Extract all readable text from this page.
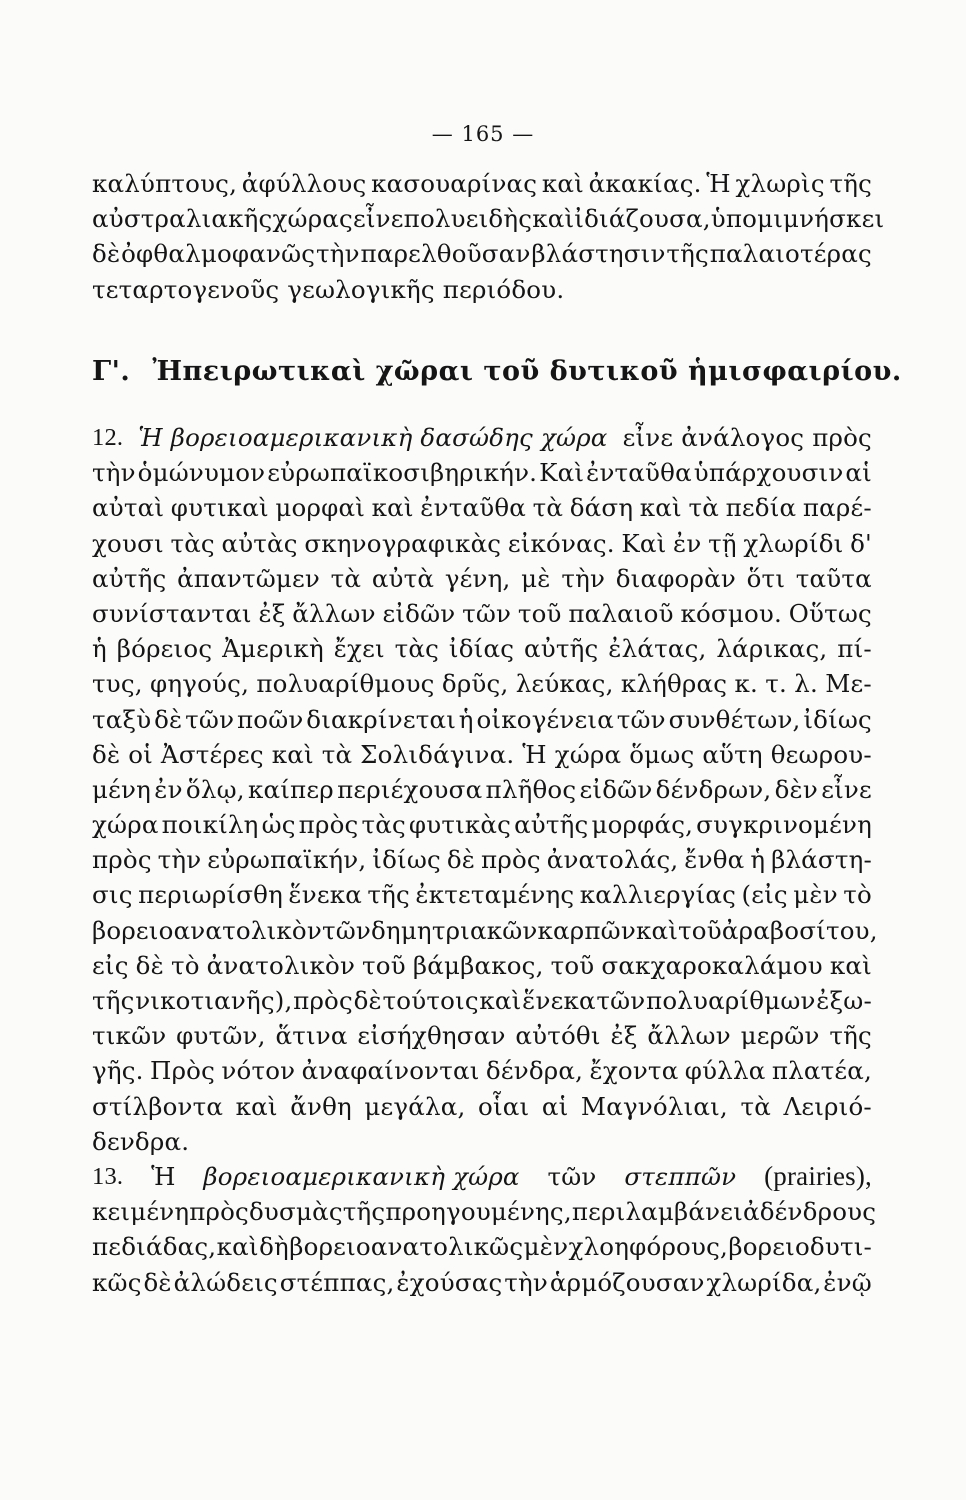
— 165 —
καλύπτους, ἀφύλλους κασουαρίνας καὶ ἀκακίας. Ἡ χλωρὶς τῆς
αὐστραλιακῆς χώρας εἶνε πολυειδὴς καὶ ἰδιάζουσα, ὑπομιμνήσκει
δὲ ὀφθαλμοφανῶς τὴν παρελθοῦσαν βλάστησιν τῆς παλαιοτέρας
τεταρτογενοῦς γεωλογικῆς περιόδου.
Γ'. Ἠπειρωτικαὶ χῶραι τοῦ δυτικοῦ ἡμισφαιρίου.
12. Ἡ βορειοαμερικανικὴ δασώδης χώρα εἶνε ἀνάλογος πρὸς
τὴν ὁμώνυμον εὐρωπαϊκοσιβηρικήν. Καὶ ἐνταῦθα ὑπάρχουσιν αἱ
αὐταὶ φυτικαὶ μορφαὶ καὶ ἐνταῦθα τὰ δάση καὶ τὰ πεδία παρέ-
χουσι τὰς αὐτὰς σκηνογραφικὰς εἰκόνας. Καὶ ἐν τῇ χλωρίδι δ'
αὐτῆς ἀπαντῶμεν τὰ αὐτὰ γένη, μὲ τὴν διαφορὰν ὅτι ταῦτα
συνίστανται ἐξ ἄλλων εἰδῶν τῶν τοῦ παλαιοῦ κόσμου. Οὕτως
ἡ βόρειος Ἀμερικὴ ἔχει τὰς ἰδίας αὐτῆς ἐλάτας, λάρικας, πί-
τυς, φηγούς, πολυαρίθμους δρῦς, λεύκας, κλήθρας κ. τ. λ. Με-
ταξὺ δὲ τῶν ποῶν διακρίνεται ἡ οἰκογένεια τῶν συνθέτων, ἰδίως
δὲ οἱ Ἀστέρες καὶ τὰ Σολιδάγινα. Ἡ χώρα ὅμως αὕτη θεωρου-
μένη ἐν ὅλῳ, καίπερ περιέχουσα πλῆθος εἰδῶν δένδρων, δὲν εἶνε
χώρα ποικίλη ὡς πρὸς τὰς φυτικὰς αὐτῆς μορφάς, συγκρινομένη
πρὸς τὴν εὐρωπαϊκήν, ἰδίως δὲ πρὸς ἀνατολάς, ἔνθα ἡ βλάστη-
σις περιωρίσθη ἕνεκα τῆς ἐκτεταμένης καλλιεργίας (εἰς μὲν τὸ
βορειοανατολικὸν τῶν δημητριακῶν καρπῶν καὶ τοῦ ἀραβοσίτου,
εἰς δὲ τὸ ἀνατολικὸν τοῦ βάμβακος, τοῦ σακχαροκαλάμου καὶ
τῆς νικοτιανῆς), πρὸς δὲ τούτοις καὶ ἕνεκα τῶν πολυαρίθμων ἐξω-
τικῶν φυτῶν, ἅτινα εἰσήχθησαν αὐτόθι ἐξ ἄλλων μερῶν τῆς
γῆς. Πρὸς νότον ἀναφαίνονται δένδρα, ἔχοντα φύλλα πλατέα,
στίλβοντα καὶ ἄνθη μεγάλα, οἷαι αἱ Μαγνόλιαι, τὰ Λειριό-
δενδρα.
13. Ἡ βορειοαμερικανικὴ χώρα τῶν στεππῶν (prairies),
κειμένη πρὸς δυσμὰς τῆς προηγουμένης, περιλαμβάνει ἀδένδρους
πεδιάδας, καὶ δὴ βορειοανατολικῶς μὲν χλοηφόρους, βορειοδυτι-
κῶς δὲ ἀλώδεις στέππας, ἐχούσας τὴν ἁρμόζουσαν χλωρίδα, ἐνῷ
